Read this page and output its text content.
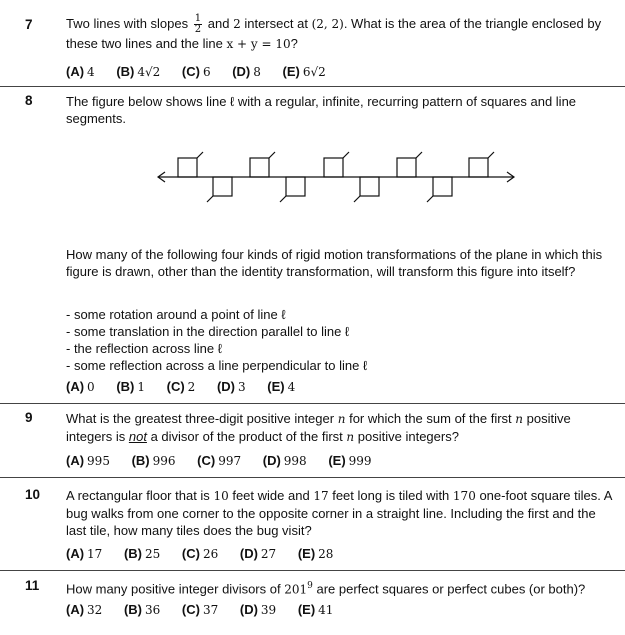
7	Two lines with slopes $\frac{1}{2}$ and 2 intersect at (2, 2). What is the area of the triangle enclosed by these two lines and the line x + y = 10?
(A) 4 (B) 4√2 (C) 6 (D) 8 (E) 6√2
8	The figure below shows line ℓ with a regular, infinite, recurring pattern of squares and line segments.
How many of the following four kinds of rigid motion transformations of the plane in which this figure is drawn, other than the identity transformation, will transform this figure into itself?
- some rotation around a point of line ℓ
- some translation in the direction parallel to line ℓ
- the reflection across line ℓ
- some reflection across a line perpendicular to line ℓ
(A) 0 (B) 1 (C) 2 (D) 3 (E) 4
9	What is the greatest three-digit positive integer n for which the sum of the first n positive integers is not a divisor of the product of the first n positive integers?
(A) 995 (B) 996 (C) 997 (D) 998 (E) 999
10 A rectangular floor that is 10 feet wide and 17 feet long is tiled with 170 one-foot square tiles. A bug walks from one corner to the opposite corner in a straight line. Including the first and the last tile, how many tiles does the bug visit?
(A) 17 (B) 25 (C) 26 (D) 27 (E) 28
11 How many positive integer divisors of $201^9$ are perfect squares or perfect cubes (or both)?
(A) 32 (B) 36 (C) 37 (D) 39 (E) 41
